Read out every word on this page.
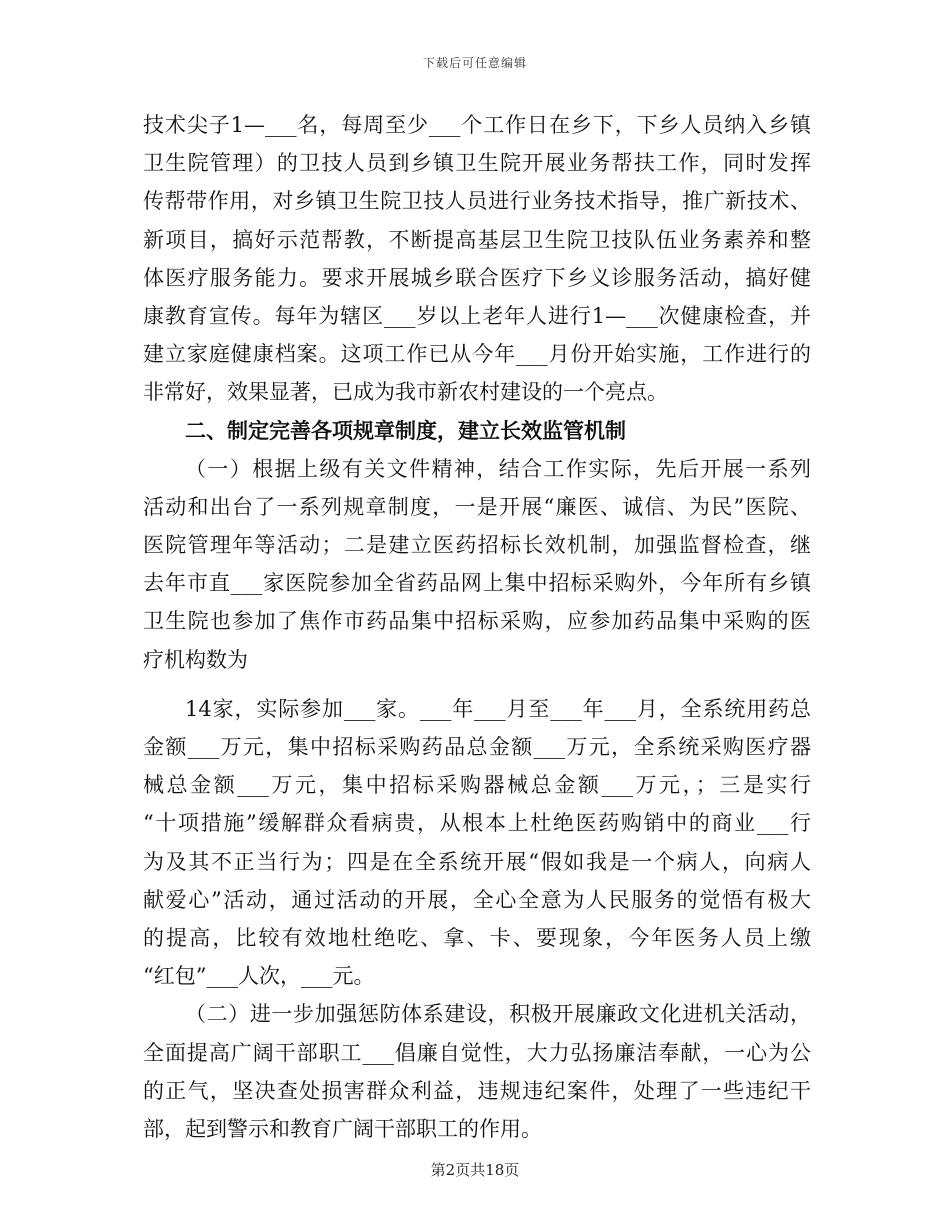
下载后可任意编辑
技术尖子1—___名，每周至少___个工作日在乡下，下乡人员纳入乡镇
卫生院管理）的卫技人员到乡镇卫生院开展业务帮扶工作，同时发挥
传帮带作用，对乡镇卫生院卫技人员进行业务技术指导，推广新技术、
新项目，搞好示范帮教，不断提高基层卫生院卫技队伍业务素养和整
体医疗服务能力。要求开展城乡联合医疗下乡义诊服务活动，搞好健
康教育宣传。每年为辖区___岁以上老年人进行1—___次健康检查，并
建立家庭健康档案。这项工作已从今年___月份开始实施，工作进行的
非常好，效果显著，已成为我市新农村建设的一个亮点。
二、制定完善各项规章制度，建立长效监管机制
（一）根据上级有关文件精神，结合工作实际，先后开展一系列
活动和出台了一系列规章制度，一是开展“廉医、诚信、为民”医院、
医院管理年等活动；二是建立医药招标长效机制，加强监督检查，继
去年市直___家医院参加全省药品网上集中招标采购外，今年所有乡镇
卫生院也参加了焦作市药品集中招标采购，应参加药品集中采购的医
疗机构数为
14家，实际参加___家。___年___月至___年___月，全系统用药总
金额___万元，集中招标采购药品总金额___万元，全系统采购医疗器
械总金额___万元，集中招标采购器械总金额___万元，；三是实行
“十项措施”缓解群众看病贵，从根本上杜绝医药购销中的商业___行
为及其不正当行为；四是在全系统开展“假如我是一个病人，向病人
献爱心”活动，通过活动的开展，全心全意为人民服务的觉悟有极大
的提高，比较有效地杜绝吃、拿、卡、要现象，今年医务人员上缴
“红包”___人次，___元。
（二）进一步加强惩防体系建设，积极开展廉政文化进机关活动，
全面提高广阔干部职工___倡廉自觉性，大力弘扬廉洁奉献，一心为公
的正气，坚决查处损害群众利益，违规违纪案件，处理了一些违纪干
部，起到警示和教育广阔干部职工的作用。
第2页共18页
